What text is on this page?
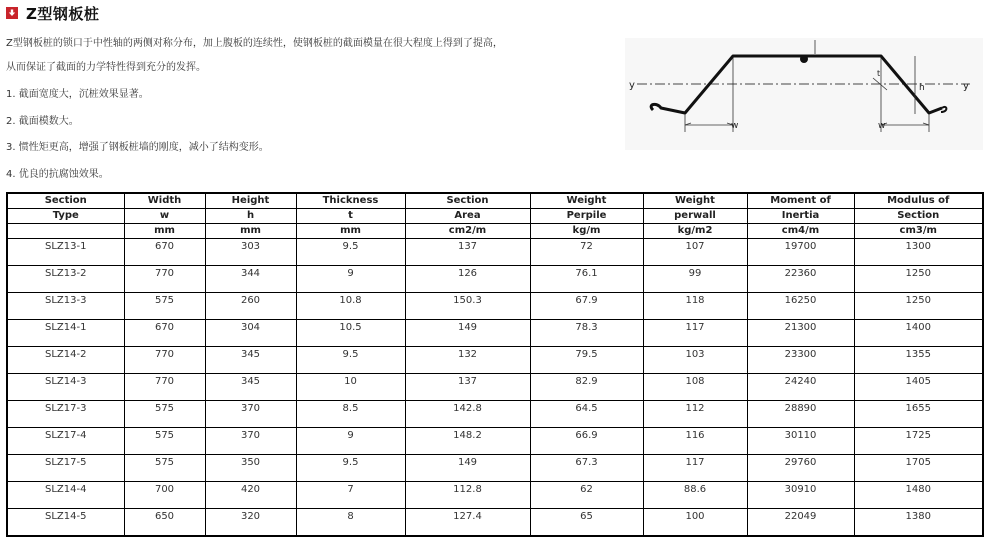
Z型钢板桩
Z型钢板桩的锁口于中性轴的两侧对称分布，加上腹板的连续性，使钢板桩的截面模量在很大程度上得到了提高，
从而保证了截面的力学特性得到充分的发挥。
1. 截面宽度大，沉桩效果显著。
2. 截面模数大。
3. 惯性矩更高，增强了钢板桩墙的刚度，减小了结构变形。
4. 优良的抗腐蚀效果。
y	y
w	w
h
t
Section	Width	Height	Thickness	Section	Weight	Weight	Moment of	Modulus of
Type	w	h	t	Area	Perpile	perwall	Inertia	Section
	mm	mm	mm	cm2/m	kg/m	kg/m2	cm4/m	cm3/m
SLZ13-1	670	303	9.5	137	72	107	19700	1300
SLZ13-2	770	344	9	126	76.1	99	22360	1250
SLZ13-3	575	260	10.8	150.3	67.9	118	16250	1250
SLZ14-1	670	304	10.5	149	78.3	117	21300	1400
SLZ14-2	770	345	9.5	132	79.5	103	23300	1355
SLZ14-3	770	345	10	137	82.9	108	24240	1405
SLZ17-3	575	370	8.5	142.8	64.5	112	28890	1655
SLZ17-4	575	370	9	148.2	66.9	116	30110	1725
SLZ17-5	575	350	9.5	149	67.3	117	29760	1705
SLZ14-4	700	420	7	112.8	62	88.6	30910	1480
SLZ14-5	650	320	8	127.4	65	100	22049	1380
